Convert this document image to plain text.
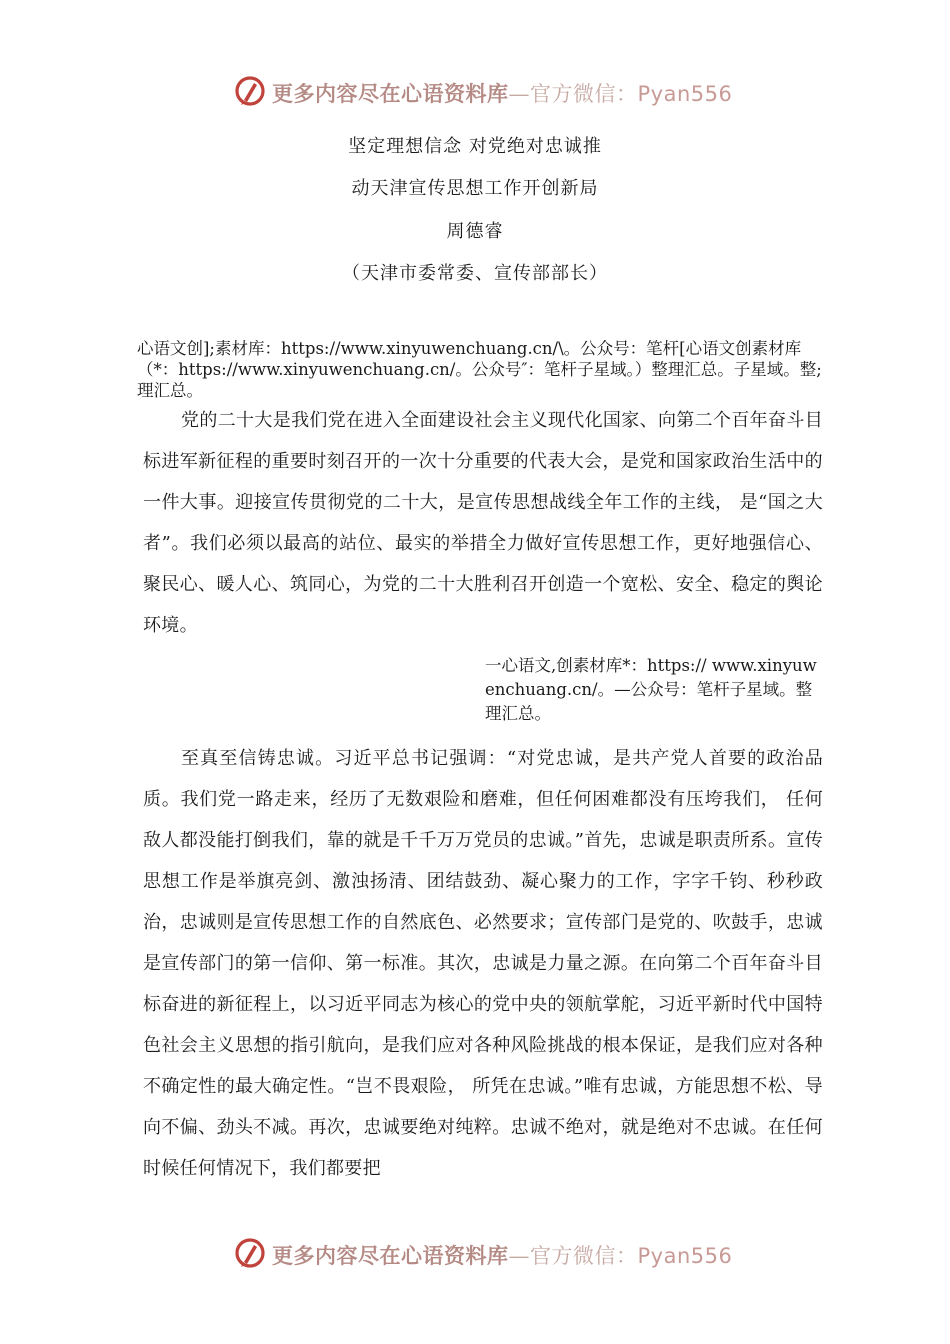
更多内容尽在心语资料库—官方微信：Pyan556
坚定理想信念 对党绝对忠诚推
动天津宣传思想工作开创新局
周德睿
（天津市委常委、宣传部部长）
心语文创];素材库：https://www.xinyuwenchuang.cn/\。公众号：笔杆[心语文创素材库（*：https://www.xinyuwenchuang.cn/。公众号″：笔杆子星域。）整理汇总。子星域。整;理汇总。
党的二十大是我们党在进入全面建设社会主义现代化国家、向第二个百年奋斗目标进军新征程的重要时刻召开的一次十分重要的代表大会，是党和国家政治生活中的一件大事。迎接宣传贯彻党的二十大，是宣传思想战线全年工作的主线， 是“国之大者”。我们必须以最高的站位、最实的举措全力做好宣传思想工作，更好地强信心、聚民心、暖人心、筑同心，为党的二十大胜利召开创造一个宽松、安全、稳定的舆论环境。
一心语文,创素材库*：https:// www.xinyuwenchuang.cn/。—公众号：笔杆子星域。整理汇总。
至真至信铸忠诚。习近平总书记强调：“对党忠诚，是共产党人首要的政治品质。我们党一路走来，经历了无数艰险和磨难，但任何困难都没有压垮我们， 任何敌人都没能打倒我们，靠的就是千千万万党员的忠诚。”首先，忠诚是职责所系。宣传思想工作是举旗亮剑、激浊扬清、团结鼓劲、凝心聚力的工作，字字千钧、秒秒政治，忠诚则是宣传思想工作的自然底色、必然要求；宣传部门是党的、吹鼓手，忠诚是宣传部门的第一信仰、第一标准。其次，忠诚是力量之源。在向第二个百年奋斗目标奋进的新征程上，以习近平同志为核心的党中央的领航掌舵，习近平新时代中国特色社会主义思想的指引航向，是我们应对各种风险挑战的根本保证，是我们应对各种不确定性的最大确定性。“岂不畏艰险， 所凭在忠诚。”唯有忠诚，方能思想不松、导向不偏、劲头不减。再次，忠诚要绝对纯粹。忠诚不绝对，就是绝对不忠诚。在任何时候任何情况下，我们都要把
更多内容尽在心语资料库—官方微信：Pyan556
